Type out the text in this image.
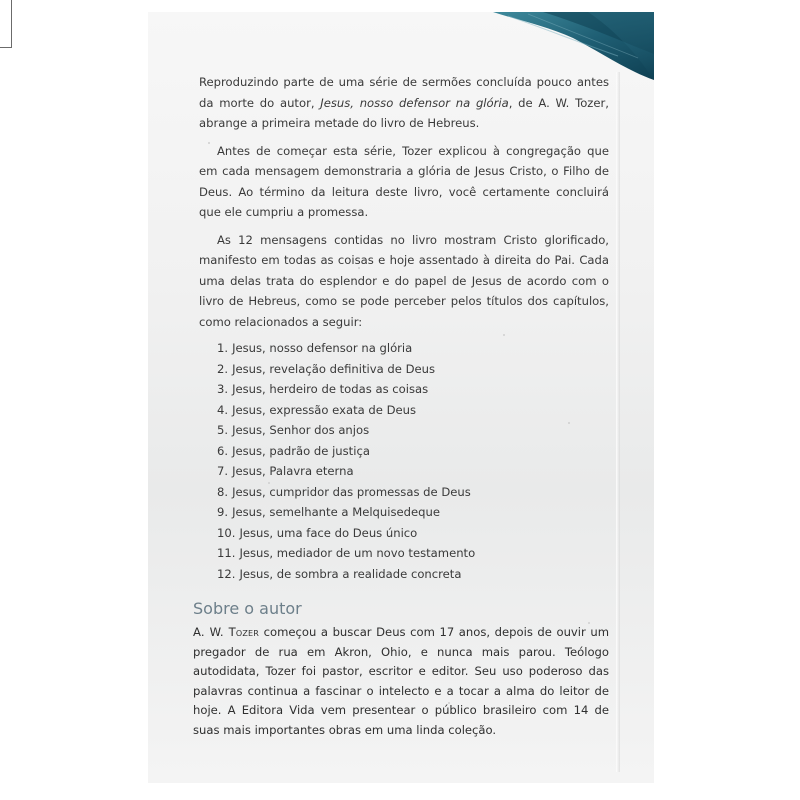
Reproduzindo parte de uma série de sermões concluída pouco antes da morte do autor, Jesus, nosso defensor na glória, de A. W. Tozer, abrange a primeira metade do livro de Hebreus.

Antes de começar esta série, Tozer explicou à congregação que em cada mensagem demonstraria a glória de Jesus Cristo, o Filho de Deus. Ao término da leitura deste livro, você certamente concluirá que ele cumpriu a promessa.

As 12 mensagens contidas no livro mostram Cristo glorificado, manifesto em todas as coisas e hoje assentado à direita do Pai. Cada uma delas trata do esplendor e do papel de Jesus de acordo com o livro de Hebreus, como se pode perceber pelos títulos dos capítulos, como relacionados a seguir:

1. Jesus, nosso defensor na glória
2. Jesus, revelação definitiva de Deus
3. Jesus, herdeiro de todas as coisas
4. Jesus, expressão exata de Deus
5. Jesus, Senhor dos anjos
6. Jesus, padrão de justiça
7. Jesus, Palavra eterna
8. Jesus, cumpridor das promessas de Deus
9. Jesus, semelhante a Melquisedeque
10. Jesus, uma face do Deus único
11. Jesus, mediador de um novo testamento
12. Jesus, de sombra a realidade concreta
Sobre o autor

A. W. Tozer começou a buscar Deus com 17 anos, depois de ouvir um pregador de rua em Akron, Ohio, e nunca mais parou. Teólogo autodidata, Tozer foi pastor, escritor e editor. Seu uso poderoso das palavras continua a fascinar o intelecto e a tocar a alma do leitor de hoje. A Editora Vida vem presentear o público brasileiro com 14 de suas mais importantes obras em uma linda coleção.
